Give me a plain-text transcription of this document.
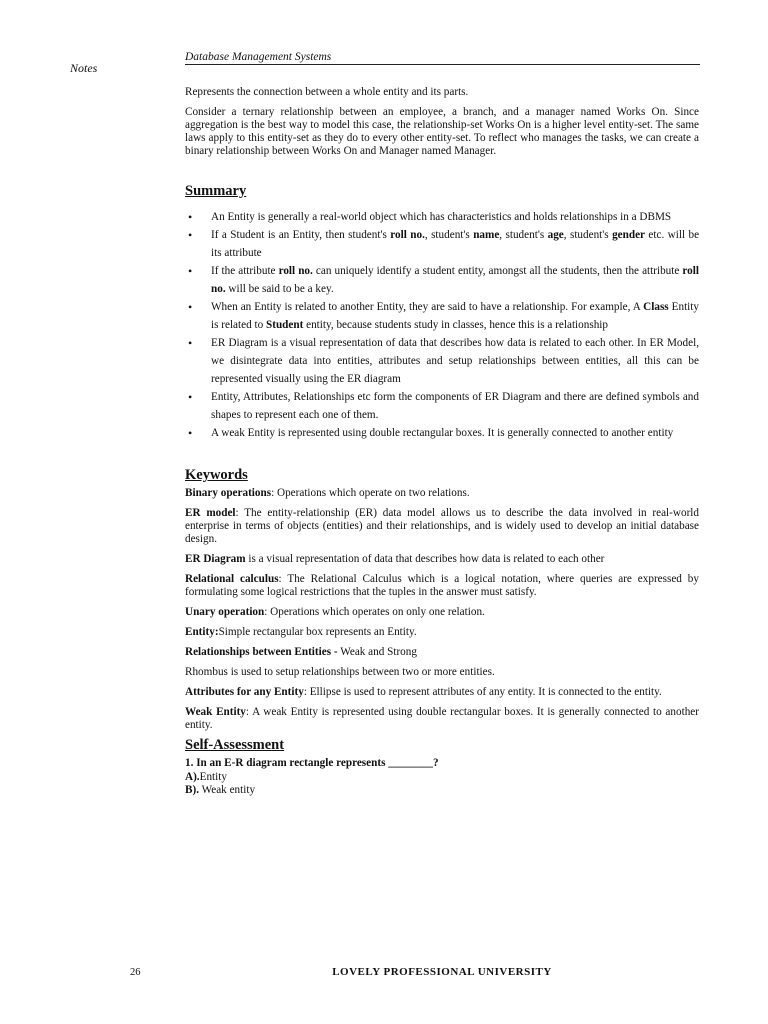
Notes
Database Management Systems

Represents the connection between a whole entity and its parts.

Consider a ternary relationship between an employee, a branch, and a manager named Works On. Since aggregation is the best way to model this case, the relationship-set Works On is a higher level entity-set. The same laws apply to this entity-set as they do to every other entity-set. To reflect who manages the tasks, we can create a binary relationship between Works On and Manager named Manager.

Summary
• An Entity is generally a real-world object which has characteristics and holds relationships in a DBMS
• If a Student is an Entity, then student's roll no., student's name, student's age, student's gender etc. will be its attribute
• If the attribute roll no. can uniquely identify a student entity, amongst all the students, then the attribute roll no. will be said to be a key.
• When an Entity is related to another Entity, they are said to have a relationship. For example, A Class Entity is related to Student entity, because students study in classes, hence this is a relationship
• ER Diagram is a visual representation of data that describes how data is related to each other. In ER Model, we disintegrate data into entities, attributes and setup relationships between entities, all this can be represented visually using the ER diagram
• Entity, Attributes, Relationships etc form the components of ER Diagram and there are defined symbols and shapes to represent each one of them.
• A weak Entity is represented using double rectangular boxes. It is generally connected to another entity
Keywords

Binary operations: Operations which operate on two relations.

ER model: The entity-relationship (ER) data model allows us to describe the data involved in real-world enterprise in terms of objects (entities) and their relationships, and is widely used to develop an initial database design.

ER Diagram is a visual representation of data that describes how data is related to each other

Relational calculus: The Relational Calculus which is a logical notation, where queries are expressed by formulating some logical restrictions that the tuples in the answer must satisfy.

Unary operation: Operations which operates on only one relation.

Entity:Simple rectangular box represents an Entity.

Relationships between Entities - Weak and Strong

Rhombus is used to setup relationships between two or more entities.

Attributes for any Entity: Ellipse is used to represent attributes of any entity. It is connected to the entity.

Weak Entity: A weak Entity is represented using double rectangular boxes. It is generally connected to another entity.

Self-Assessment
1. In an E-R diagram rectangle represents ________?
A).Entity
B). Weak entity
26	LOVELY PROFESSIONAL UNIVERSITY
